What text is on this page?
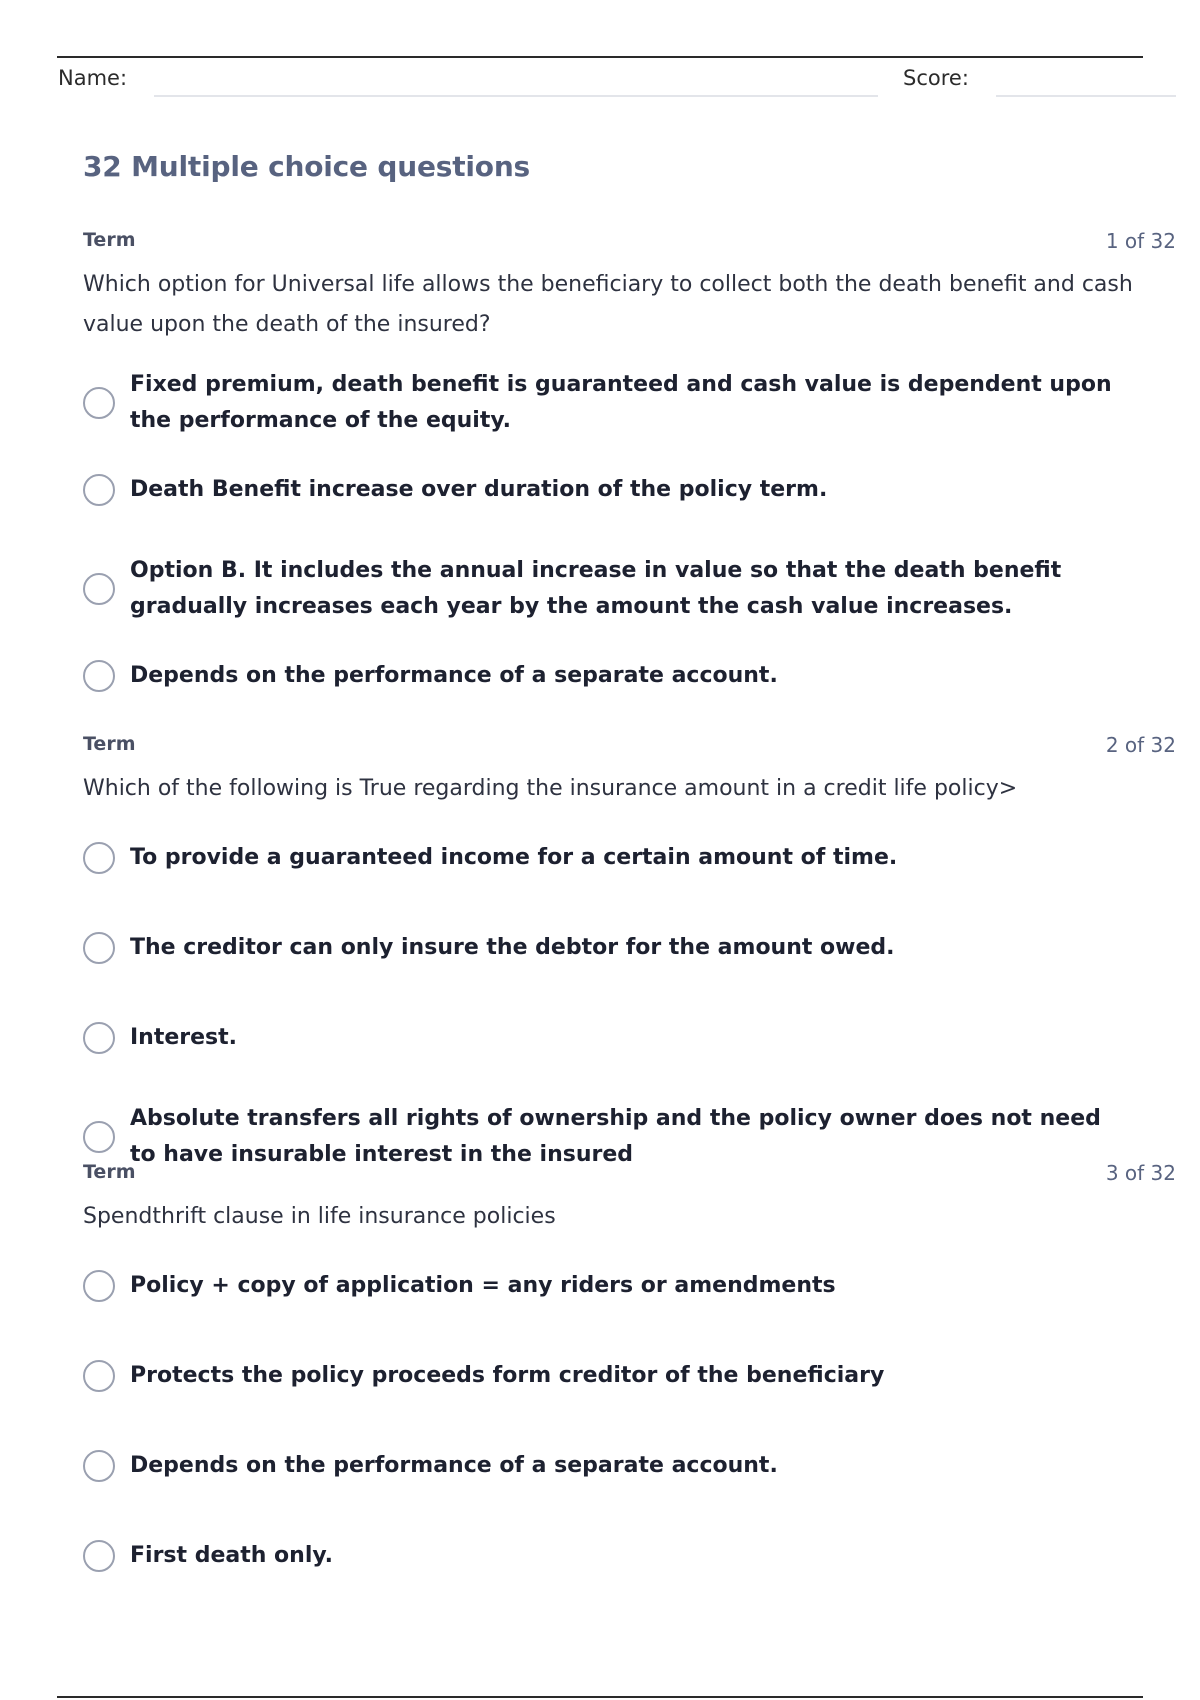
Name:	Score:
32 Multiple choice questions
Term	1 of 32
Which option for Universal life allows the beneficiary to collect both the death benefit and cash value upon the death of the insured?
Fixed premium, death benefit is guaranteed and cash value is dependent upon the performance of the equity.
Death Benefit increase over duration of the policy term.
Option B. It includes the annual increase in value so that the death benefit gradually increases each year by the amount the cash value increases.
Depends on the performance of a separate account.
Term	2 of 32
Which of the following is True regarding the insurance amount in a credit life policy>
To provide a guaranteed income for a certain amount of time.
The creditor can only insure the debtor for the amount owed.
Interest.
Absolute transfers all rights of ownership and the policy owner does not need to have insurable interest in the insured
Term	3 of 32
Spendthrift clause in life insurance policies
Policy + copy of application = any riders or amendments
Protects the policy proceeds form creditor of the beneficiary
Depends on the performance of a separate account.
First death only.
